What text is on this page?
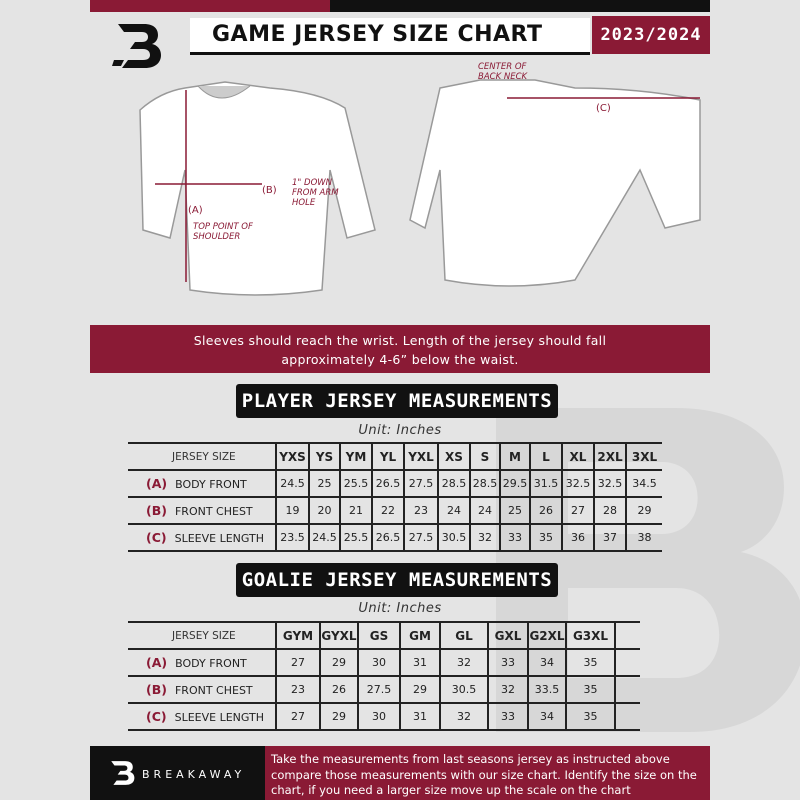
GAME JERSEY SIZE CHART	2023/2024
(A)
TOP POINT OF SHOULDER
(B)
1" DOWN FROM ARM HOLE
(C)
CENTER OF BACK NECK
Sleeves should reach the wrist. Length of the jersey should fall
approximately 4-6” below the waist.
PLAYER JERSEY MEASUREMENTS
Unit: Inches
JERSEY SIZE	YXS	YS	YM	YL	YXL	XS	S	M	L	XL	2XL	3XL
(A) BODY FRONT	24.5	25	25.5	26.5	27.5	28.5	28.5	29.5	31.5	32.5	32.5	34.5
(B) FRONT CHEST	19	20	21	22	23	24	24	25	26	27	28	29
(C) SLEEVE LENGTH	23.5	24.5	25.5	26.5	27.5	30.5	32	33	35	36	37	38
GOALIE JERSEY MEASUREMENTS
Unit: Inches
JERSEY SIZE	GYM	GYXL	GS	GM	GL	GXL	G2XL	G3XL	
(A) BODY FRONT	27	29	30	31	32	33	34	35	
(B) FRONT CHEST	23	26	27.5	29	30.5	32	33.5	35	
(C) SLEEVE LENGTH	27	29	30	31	32	33	34	35	
BREAKAWAY
Take the measurements from last seasons jersey as instructed above compare those measurements with our size chart. Identify the size on the chart, if you need a larger size move up the scale on the chart
